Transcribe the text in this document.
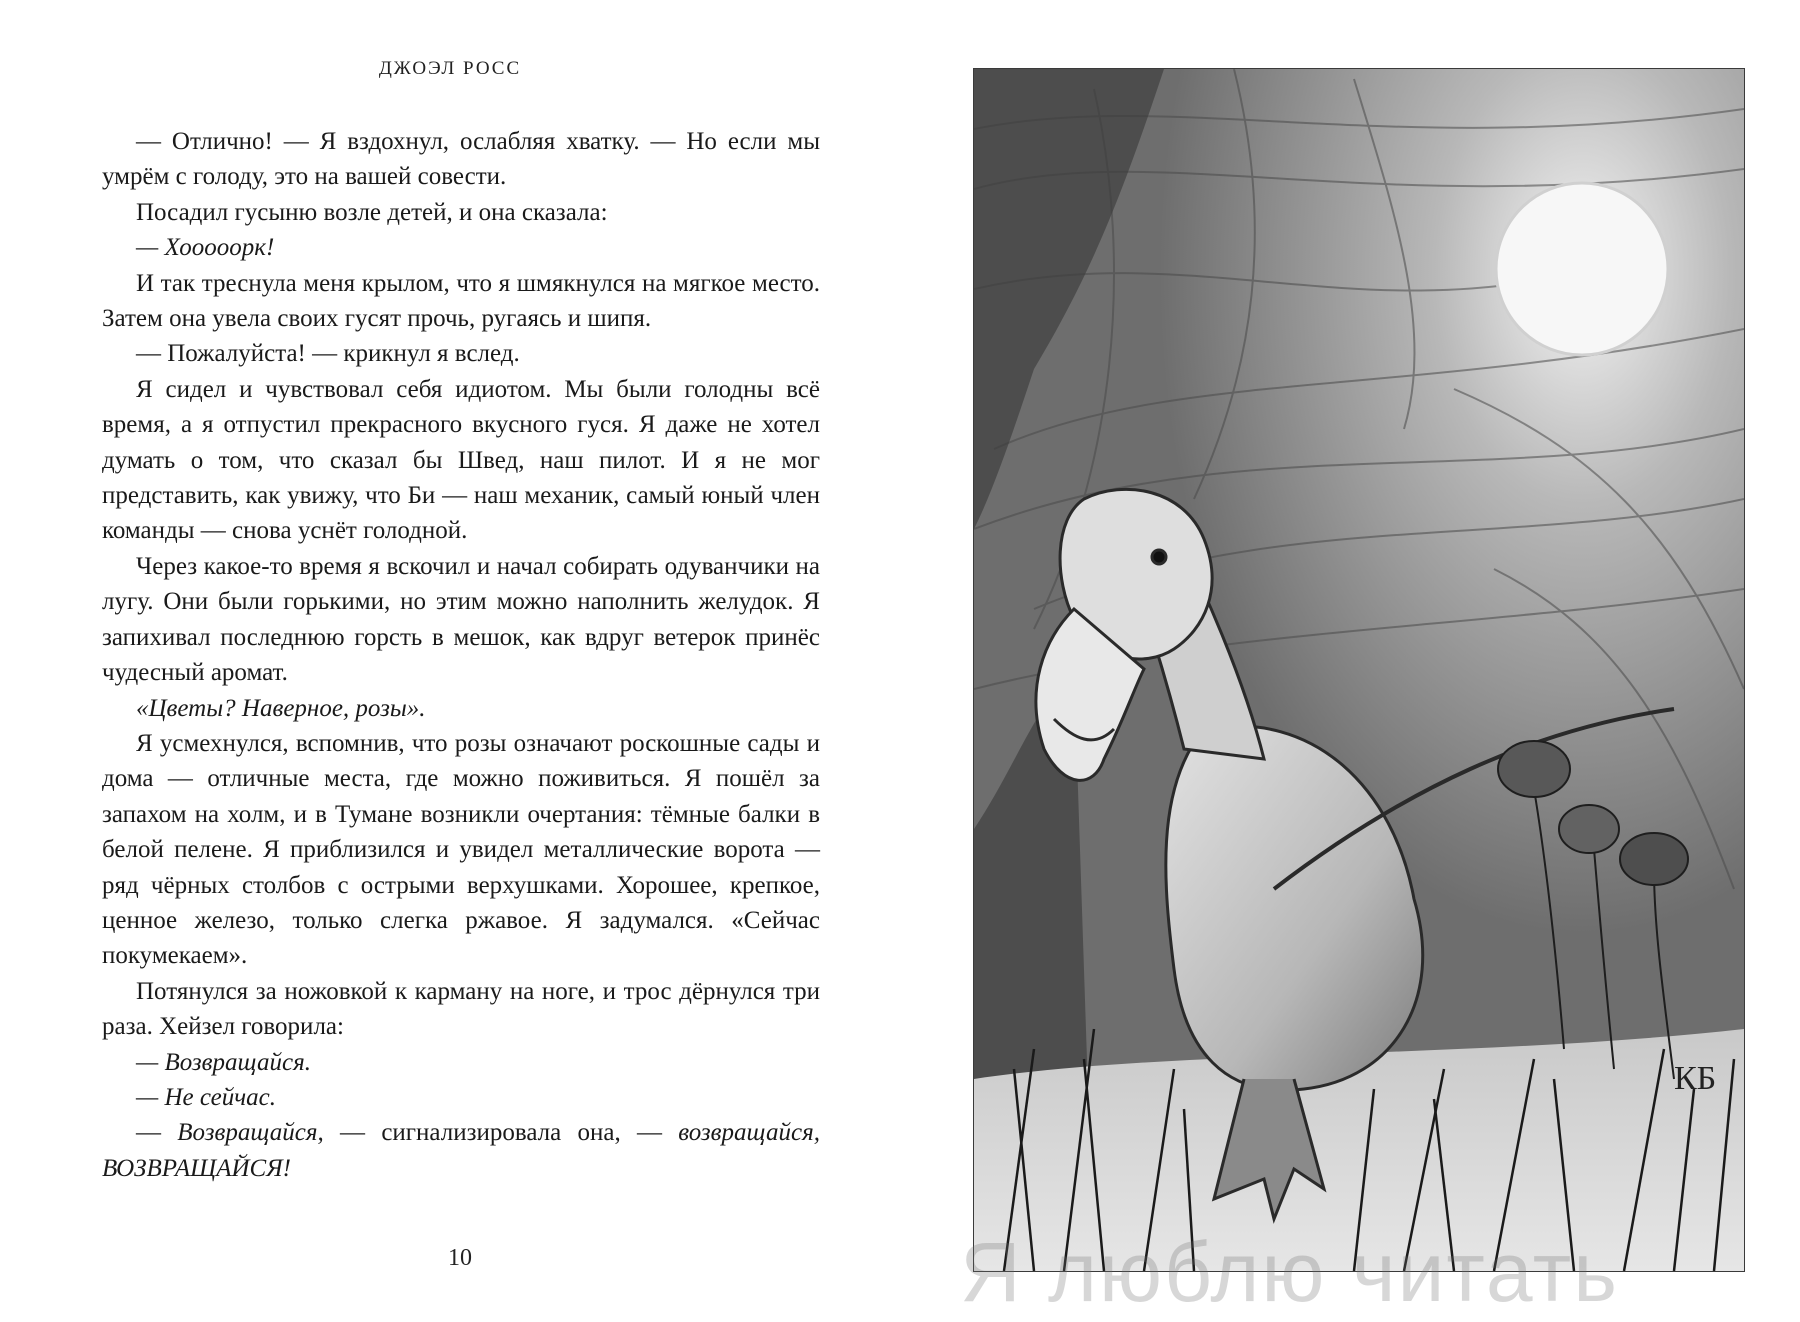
ДЖОЭЛ РОСС

— Отлично! — Я вздохнул, ослабляя хватку. — Но если мы умрём с голоду, это на вашей совести.

Посадил гусыню возле детей, и она сказала:

— Хооооорк!

И так треснула меня крылом, что я шмякнулся на мягкое место. Затем она увела своих гусят прочь, ругаясь и шипя.

— Пожалуйста! — крикнул я вслед.

Я сидел и чувствовал себя идиотом. Мы были голодны всё время, а я отпустил прекрасного вкусного гуся. Я даже не хотел думать о том, что сказал бы Швед, наш пилот. И я не мог представить, как увижу, что Би — наш механик, самый юный член команды — снова уснёт голодной.

Через какое-то время я вскочил и начал собирать одуванчики на лугу. Они были горькими, но этим можно наполнить желудок. Я запихивал последнюю горсть в мешок, как вдруг ветерок принёс чудесный аромат.

«Цветы? Наверное, розы».

Я усмехнулся, вспомнив, что розы означают роскошные сады и дома — отличные места, где можно поживиться. Я пошёл за запахом на холм, и в Тумане возникли очертания: тёмные балки в белой пелене. Я приблизился и увидел металлические ворота — ряд чёрных столбов с острыми верхушками. Хорошее, крепкое, ценное железо, только слегка ржавое. Я задумался. «Сейчас покумекаем».

Потянулся за ножовкой к карману на ноге, и трос дёрнулся три раза. Хейзел говорила:

— Возвращайся.

— Не сейчас.

— Возвращайся, — сигнализировала она, — возвращайся,

ВОЗВРАЩАЙСЯ!

10
КБ
Я люблю читать
